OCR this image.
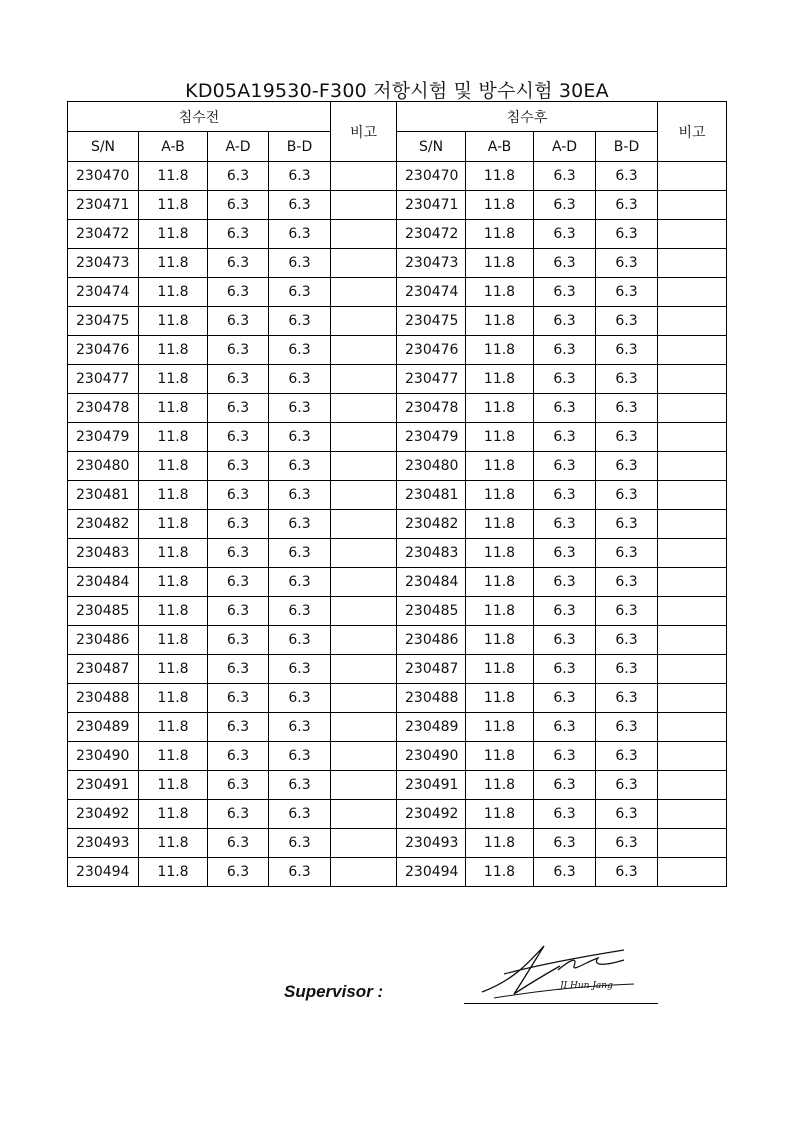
KD05A19530-F300 저항시험 및 방수시험 30EA
침수전				비고	침수후				비고
S/N	A-B	A-D	B-D		S/N	A-B	A-D	B-D	
230470	11.8	6.3	6.3		230470	11.8	6.3	6.3	
230471	11.8	6.3	6.3		230471	11.8	6.3	6.3	
230472	11.8	6.3	6.3		230472	11.8	6.3	6.3	
230473	11.8	6.3	6.3		230473	11.8	6.3	6.3	
230474	11.8	6.3	6.3		230474	11.8	6.3	6.3	
230475	11.8	6.3	6.3		230475	11.8	6.3	6.3	
230476	11.8	6.3	6.3		230476	11.8	6.3	6.3	
230477	11.8	6.3	6.3		230477	11.8	6.3	6.3	
230478	11.8	6.3	6.3		230478	11.8	6.3	6.3	
230479	11.8	6.3	6.3		230479	11.8	6.3	6.3	
230480	11.8	6.3	6.3		230480	11.8	6.3	6.3	
230481	11.8	6.3	6.3		230481	11.8	6.3	6.3	
230482	11.8	6.3	6.3		230482	11.8	6.3	6.3	
230483	11.8	6.3	6.3		230483	11.8	6.3	6.3	
230484	11.8	6.3	6.3		230484	11.8	6.3	6.3	
230485	11.8	6.3	6.3		230485	11.8	6.3	6.3	
230486	11.8	6.3	6.3		230486	11.8	6.3	6.3	
230487	11.8	6.3	6.3		230487	11.8	6.3	6.3	
230488	11.8	6.3	6.3		230488	11.8	6.3	6.3	
230489	11.8	6.3	6.3		230489	11.8	6.3	6.3	
230490	11.8	6.3	6.3		230490	11.8	6.3	6.3	
230491	11.8	6.3	6.3		230491	11.8	6.3	6.3	
230492	11.8	6.3	6.3		230492	11.8	6.3	6.3	
230493	11.8	6.3	6.3		230493	11.8	6.3	6.3	
230494	11.8	6.3	6.3		230494	11.8	6.3	6.3	
Supervisor :	JI Hun Jang
